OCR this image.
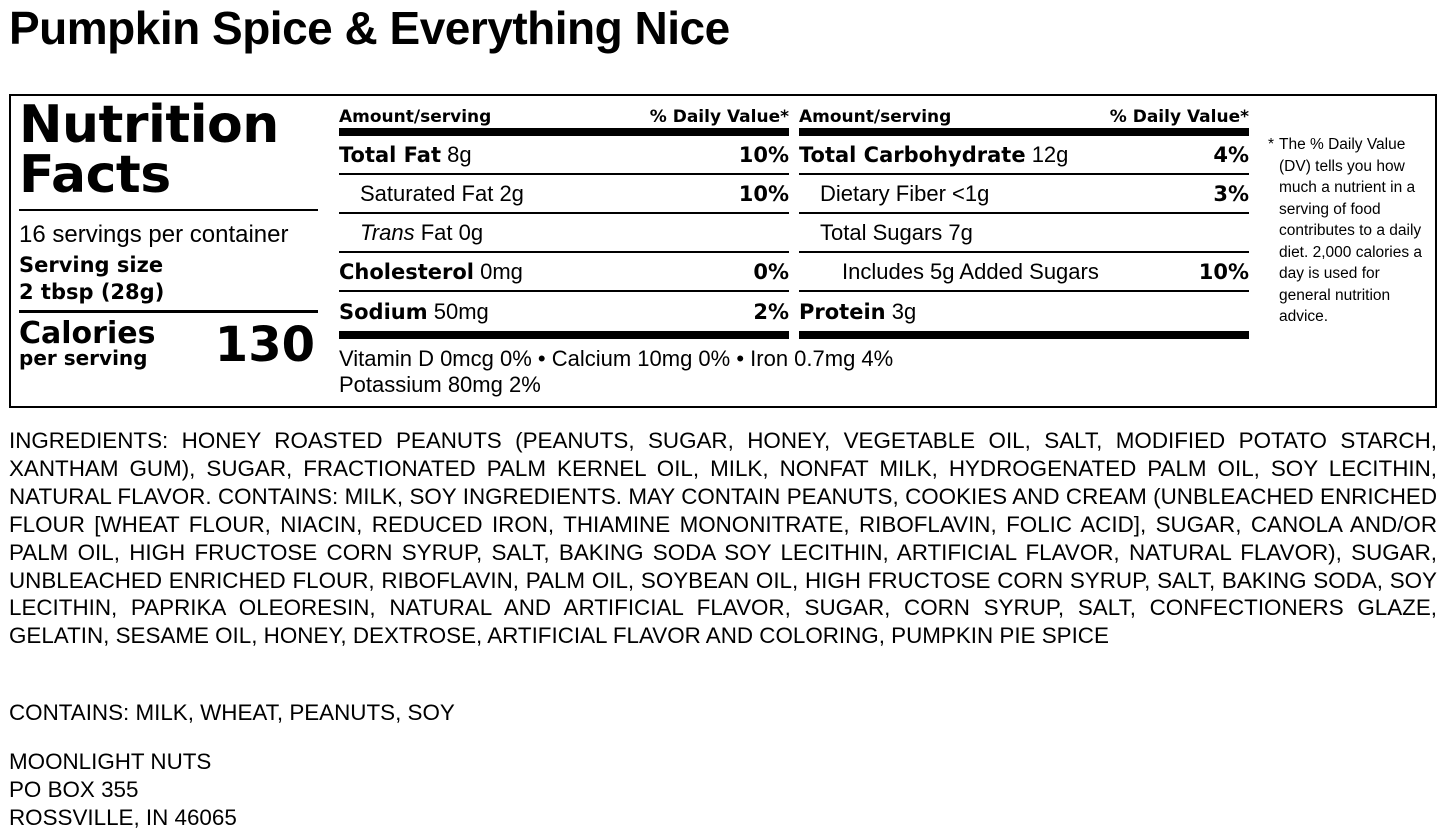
Pumpkin Spice & Everything Nice
Nutrition
Facts
16 servings per container
Serving size
2 tbsp (28g)
Calories
per serving 130
Amount/serving	% Daily Value*
Total Fat 8g	10%
Saturated Fat 2g	10%
Trans Fat 0g
Cholesterol 0mg	0%
Sodium 50mg	2%
Amount/serving	% Daily Value*
Total Carbohydrate 12g	4%
Dietary Fiber <1g	3%
Total Sugars 7g
Includes 5g Added Sugars	10%
Protein 3g
Vitamin D 0mcg 0% • Calcium 10mg 0% • Iron 0.7mg 4%
Potassium 80mg 2%
* The % Daily Value (DV) tells you how much a nutrient in a serving of food contributes to a daily diet. 2,000 calories a day is used for general nutrition advice.
INGREDIENTS: HONEY ROASTED PEANUTS (PEANUTS, SUGAR, HONEY, VEGETABLE OIL, SALT, MODIFIED POTATO STARCH, XANTHAM GUM), SUGAR, FRACTIONATED PALM KERNEL OIL, MILK, NONFAT MILK, HYDROGENATED PALM OIL, SOY LECITHIN, NATURAL FLAVOR. CONTAINS: MILK, SOY INGREDIENTS. MAY CONTAIN PEANUTS, COOKIES AND CREAM (UNBLEACHED ENRICHED FLOUR [WHEAT FLOUR, NIACIN, REDUCED IRON, THIAMINE MONONITRATE, RIBOFLAVIN, FOLIC ACID], SUGAR, CANOLA AND/OR PALM OIL, HIGH FRUCTOSE CORN SYRUP, SALT, BAKING SODA SOY LECITHIN, ARTIFICIAL FLAVOR, NATURAL FLAVOR), SUGAR, UNBLEACHED ENRICHED FLOUR, RIBOFLAVIN, PALM OIL, SOYBEAN OIL, HIGH FRUCTOSE CORN SYRUP, SALT, BAKING SODA, SOY LECITHIN, PAPRIKA OLEORESIN, NATURAL AND ARTIFICIAL FLAVOR, SUGAR, CORN SYRUP, SALT, CONFECTIONERS GLAZE, GELATIN, SESAME OIL, HONEY, DEXTROSE, ARTIFICIAL FLAVOR AND COLORING, PUMPKIN PIE SPICE
CONTAINS: MILK, WHEAT, PEANUTS, SOY
MOONLIGHT NUTS
PO BOX 355
ROSSVILLE, IN 46065
